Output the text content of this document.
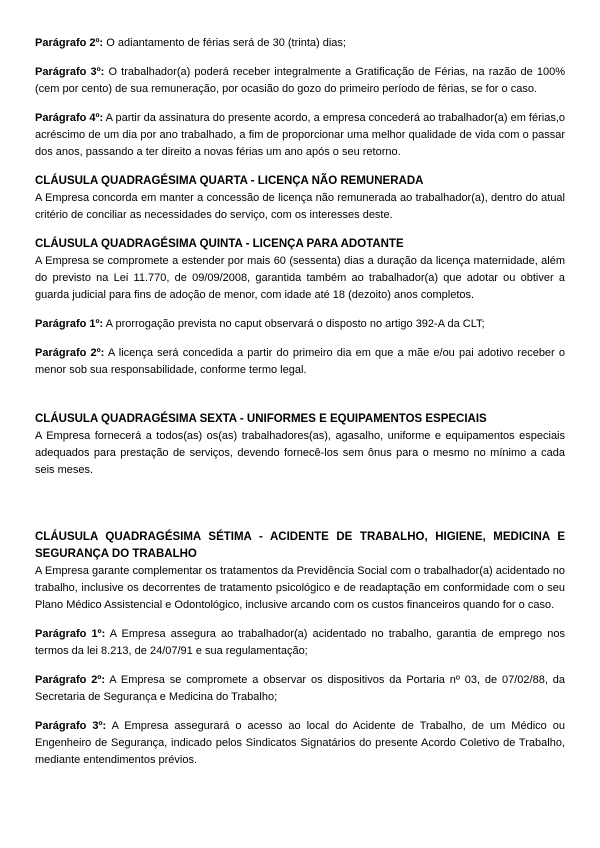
Parágrafo 2º: O adiantamento de férias será de 30 (trinta) dias;

Parágrafo 3º: O trabalhador(a) poderá receber integralmente a Gratificação de Férias, na razão de 100%(cem por cento) de sua remuneração, por ocasião do gozo do primeiro período de férias, se for o caso.

Parágrafo 4º: A partir da assinatura do presente acordo, a empresa concederá ao trabalhador(a) em férias,o acréscimo de um dia por ano trabalhado, a fim de proporcionar uma melhor qualidade de vida com o passar dos anos, passando a ter direito a novas férias um ano após o seu retorno.

CLÁUSULA QUADRAGÉSIMA QUARTA - LICENÇA NÃO REMUNERADA

A Empresa concorda em manter a concessão de licença não remunerada ao trabalhador(a), dentro do atual critério de conciliar as necessidades do serviço, com os interesses deste.

CLÁUSULA QUADRAGÉSIMA QUINTA - LICENÇA PARA ADOTANTE

A Empresa se compromete a estender por mais 60 (sessenta) dias a duração da licença maternidade, além do previsto na Lei 11.770, de 09/09/2008, garantida também ao trabalhador(a) que adotar ou obtiver a guarda judicial para fins de adoção de menor, com idade até 18 (dezoito) anos completos.

Parágrafo 1º: A prorrogação prevista no caput observará o disposto no artigo 392-A da CLT;

Parágrafo 2º: A licença será concedida a partir do primeiro dia em que a mãe e/ou pai adotivo receber o menor sob sua responsabilidade, conforme termo legal.

CLÁUSULA QUADRAGÉSIMA SEXTA - UNIFORMES E EQUIPAMENTOS ESPECIAIS

A Empresa fornecerá a todos(as) os(as) trabalhadores(as), agasalho, uniforme e equipamentos especiais adequados para prestação de serviços, devendo fornecê-los sem ônus para o mesmo no mínimo a cada seis meses.

CLÁUSULA QUADRAGÉSIMA SÉTIMA - ACIDENTE DE TRABALHO, HIGIENE, MEDICINA E SEGURANÇA DO TRABALHO

A Empresa garante complementar os tratamentos da Previdência Social com o trabalhador(a) acidentado no trabalho, inclusive os decorrentes de tratamento psicológico e de readaptação em conformidade com o seu Plano Médico Assistencial e Odontológico, inclusive arcando com os custos financeiros quando for o caso.

Parágrafo 1º: A Empresa assegura ao trabalhador(a) acidentado no trabalho, garantia de emprego nos termos da lei 8.213, de 24/07/91 e sua regulamentação;

Parágrafo 2º: A Empresa se compromete a observar os dispositivos da Portaria nº 03, de 07/02/88, da Secretaria de Segurança e Medicina do Trabalho;

Parágrafo 3º: A Empresa assegurará o acesso ao local do Acidente de Trabalho, de um Médico ou Engenheiro de Segurança, indicado pelos Sindicatos Signatários do presente Acordo Coletivo de Trabalho, mediante entendimentos prévios.
